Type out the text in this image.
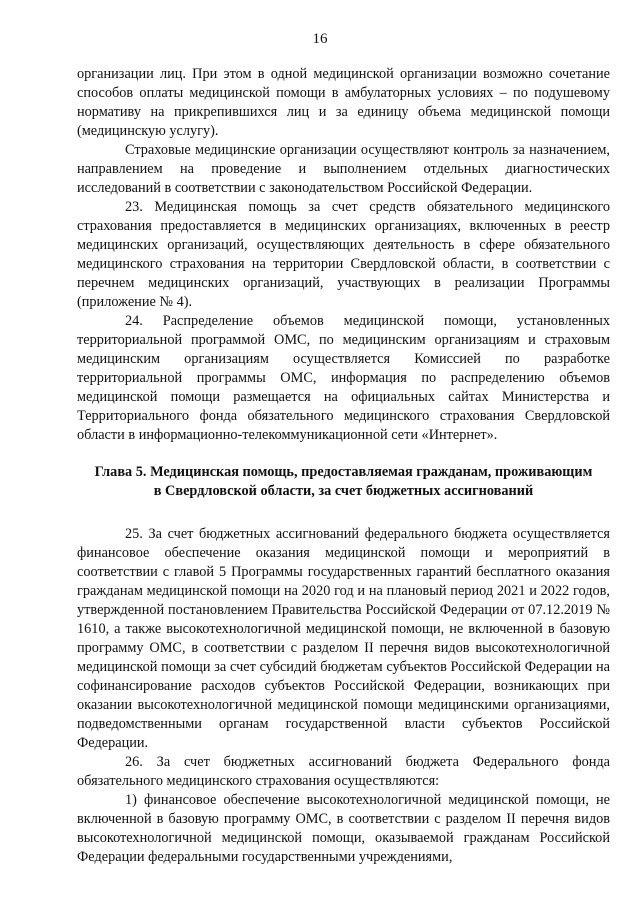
16

организации лиц. При этом в одной медицинской организации возможно сочетание способов оплаты медицинской помощи в амбулаторных условиях – по подушевому нормативу на прикрепившихся лиц и за единицу объема медицинской помощи (медицинскую услугу).

Страховые медицинские организации осуществляют контроль за назначением, направлением на проведение и выполнением отдельных диагностических исследований в соответствии с законодательством Российской Федерации.

23. Медицинская помощь за счет средств обязательного медицинского страхования предоставляется в медицинских организациях, включенных в реестр медицинских организаций, осуществляющих деятельность в сфере обязательного медицинского страхования на территории Свердловской области, в соответствии с перечнем медицинских организаций, участвующих в реализации Программы (приложение № 4).

24. Распределение объемов медицинской помощи, установленных территориальной программой ОМС, по медицинским организациям и страховым медицинским организациям осуществляется Комиссией по разработке территориальной программы ОМС, информация по распределению объемов медицинской помощи размещается на официальных сайтах Министерства и Территориального фонда обязательного медицинского страхования Свердловской области в информационно-телекоммуникационной сети «Интернет».

Глава 5. Медицинская помощь, предоставляемая гражданам, проживающим
в Свердловской области, за счет бюджетных ассигнований

25. За счет бюджетных ассигнований федерального бюджета осуществляется финансовое обеспечение оказания медицинской помощи и мероприятий в соответствии с главой 5 Программы государственных гарантий бесплатного оказания гражданам медицинской помощи на 2020 год и на плановый период 2021 и 2022 годов, утвержденной постановлением Правительства Российской Федерации от 07.12.2019 № 1610, а также высокотехнологичной медицинской помощи, не включенной в базовую программу ОМС, в соответствии с разделом II перечня видов высокотехнологичной медицинской помощи за счет субсидий бюджетам субъектов Российской Федерации на софинансирование расходов субъектов Российской Федерации, возникающих при оказании высокотехнологичной медицинской помощи медицинскими организациями, подведомственными органам государственной власти субъектов Российской Федерации.

26. За счет бюджетных ассигнований бюджета Федерального фонда обязательного медицинского страхования осуществляются:

1) финансовое обеспечение высокотехнологичной медицинской помощи, не включенной в базовую программу ОМС, в соответствии с разделом II перечня видов высокотехнологичной медицинской помощи, оказываемой гражданам Российской Федерации федеральными государственными учреждениями,
